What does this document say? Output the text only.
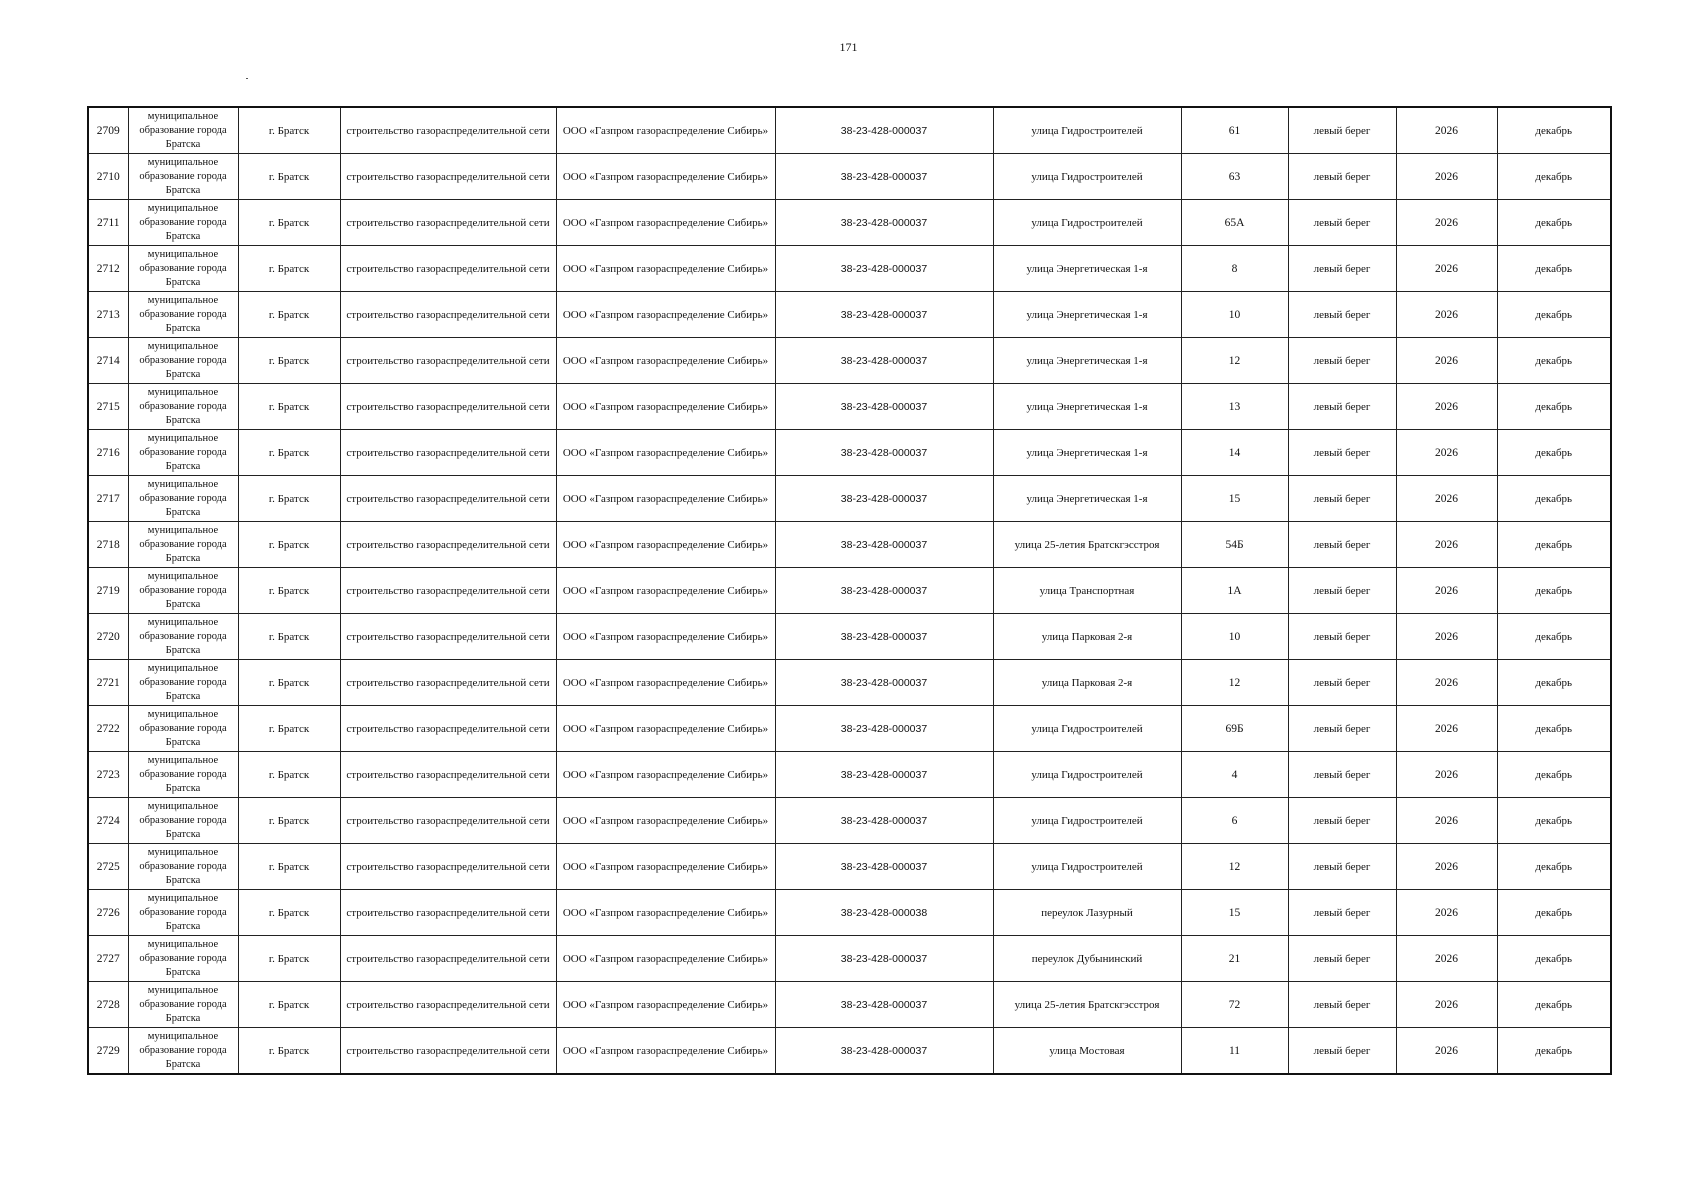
171
2709	муниципальное образование города Братска	г. Братск	строительство газораспределительной сети	ООО «Газпром газораспределение Сибирь»	38-23-428-000037	улица Гидростроителей	61	левый берег	2026	декабрь
2710	муниципальное образование города Братска	г. Братск	строительство газораспределительной сети	ООО «Газпром газораспределение Сибирь»	38-23-428-000037	улица Гидростроителей	63	левый берег	2026	декабрь
2711	муниципальное образование города Братска	г. Братск	строительство газораспределительной сети	ООО «Газпром газораспределение Сибирь»	38-23-428-000037	улица Гидростроителей	65А	левый берег	2026	декабрь
2712	муниципальное образование города Братска	г. Братск	строительство газораспределительной сети	ООО «Газпром газораспределение Сибирь»	38-23-428-000037	улица Энергетическая 1-я	8	левый берег	2026	декабрь
2713	муниципальное образование города Братска	г. Братск	строительство газораспределительной сети	ООО «Газпром газораспределение Сибирь»	38-23-428-000037	улица Энергетическая 1-я	10	левый берег	2026	декабрь
2714	муниципальное образование города Братска	г. Братск	строительство газораспределительной сети	ООО «Газпром газораспределение Сибирь»	38-23-428-000037	улица Энергетическая 1-я	12	левый берег	2026	декабрь
2715	муниципальное образование города Братска	г. Братск	строительство газораспределительной сети	ООО «Газпром газораспределение Сибирь»	38-23-428-000037	улица Энергетическая 1-я	13	левый берег	2026	декабрь
2716	муниципальное образование города Братска	г. Братск	строительство газораспределительной сети	ООО «Газпром газораспределение Сибирь»	38-23-428-000037	улица Энергетическая 1-я	14	левый берег	2026	декабрь
2717	муниципальное образование города Братска	г. Братск	строительство газораспределительной сети	ООО «Газпром газораспределение Сибирь»	38-23-428-000037	улица Энергетическая 1-я	15	левый берег	2026	декабрь
2718	муниципальное образование города Братска	г. Братск	строительство газораспределительной сети	ООО «Газпром газораспределение Сибирь»	38-23-428-000037	улица 25-летия Братскгэсстроя	54Б	левый берег	2026	декабрь
2719	муниципальное образование города Братска	г. Братск	строительство газораспределительной сети	ООО «Газпром газораспределение Сибирь»	38-23-428-000037	улица Транспортная	1А	левый берег	2026	декабрь
2720	муниципальное образование города Братска	г. Братск	строительство газораспределительной сети	ООО «Газпром газораспределение Сибирь»	38-23-428-000037	улица Парковая 2-я	10	левый берег	2026	декабрь
2721	муниципальное образование города Братска	г. Братск	строительство газораспределительной сети	ООО «Газпром газораспределение Сибирь»	38-23-428-000037	улица Парковая 2-я	12	левый берег	2026	декабрь
2722	муниципальное образование города Братска	г. Братск	строительство газораспределительной сети	ООО «Газпром газораспределение Сибирь»	38-23-428-000037	улица Гидростроителей	69Б	левый берег	2026	декабрь
2723	муниципальное образование города Братска	г. Братск	строительство газораспределительной сети	ООО «Газпром газораспределение Сибирь»	38-23-428-000037	улица Гидростроителей	4	левый берег	2026	декабрь
2724	муниципальное образование города Братска	г. Братск	строительство газораспределительной сети	ООО «Газпром газораспределение Сибирь»	38-23-428-000037	улица Гидростроителей	6	левый берег	2026	декабрь
2725	муниципальное образование города Братска	г. Братск	строительство газораспределительной сети	ООО «Газпром газораспределение Сибирь»	38-23-428-000037	улица Гидростроителей	12	левый берег	2026	декабрь
2726	муниципальное образование города Братска	г. Братск	строительство газораспределительной сети	ООО «Газпром газораспределение Сибирь»	38-23-428-000038	переулок Лазурный	15	левый берег	2026	декабрь
2727	муниципальное образование города Братска	г. Братск	строительство газораспределительной сети	ООО «Газпром газораспределение Сибирь»	38-23-428-000037	переулок Дубынинский	21	левый берег	2026	декабрь
2728	муниципальное образование города Братска	г. Братск	строительство газораспределительной сети	ООО «Газпром газораспределение Сибирь»	38-23-428-000037	улица 25-летия Братскгэсстроя	72	левый берег	2026	декабрь
2729	муниципальное образование города Братска	г. Братск	строительство газораспределительной сети	ООО «Газпром газораспределение Сибирь»	38-23-428-000037	улица Мостовая	11	левый берег	2026	декабрь
